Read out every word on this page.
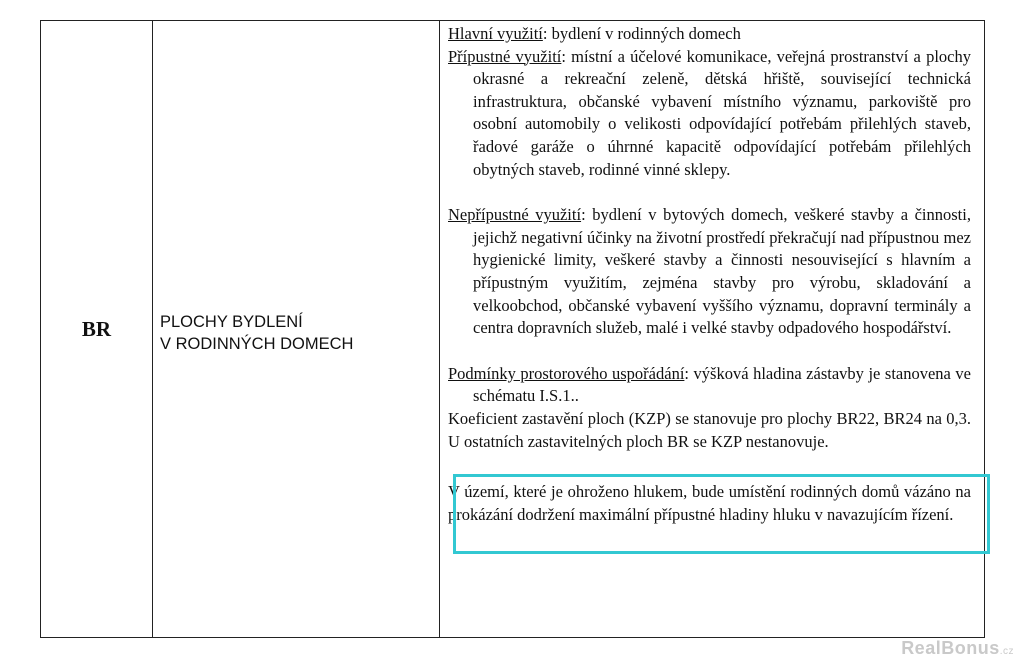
BR	PLOCHY BYDLENÍ
V RODINNÝCH DOMECH

Hlavní využití: bydlení v rodinných domech

Přípustné využití: místní a účelové komunikace, veřejná prostranství a plochy okrasné a rekreační zeleně, dětská hřiště, související technická infrastruktura, občanské vybavení místního významu, parkoviště pro osobní automobily o velikosti odpovídající potřebám přilehlých staveb, řadové garáže o úhrnné kapacitě odpovídající potřebám přilehlých obytných staveb, rodinné vinné sklepy.

Nepřípustné využití: bydlení v bytových domech, veškeré stavby a činnosti, jejichž negativní účinky na životní prostředí překračují nad přípustnou mez hygienické limity, veškeré stavby a činnosti nesouvisející s hlavním a přípustným využitím, zejména stavby pro výrobu, skladování a velkoobchod, občanské vybavení vyššího významu, dopravní terminály a centra dopravních služeb, malé i velké stavby odpadového hospodářství.

Podmínky prostorového uspořádání: výšková hladina zástavby je stanovena ve schématu I.S.1..

Koeficient zastavění ploch (KZP) se stanovuje pro plochy BR22, BR24 na 0,3. U ostatních zastavitelných ploch BR se KZP nestanovuje.

V území, které je ohroženo hlukem, bude umístění rodinných domů vázáno na prokázání dodržení maximální přípustné hladiny hluku v navazujícím řízení.

RealBonus.cz
